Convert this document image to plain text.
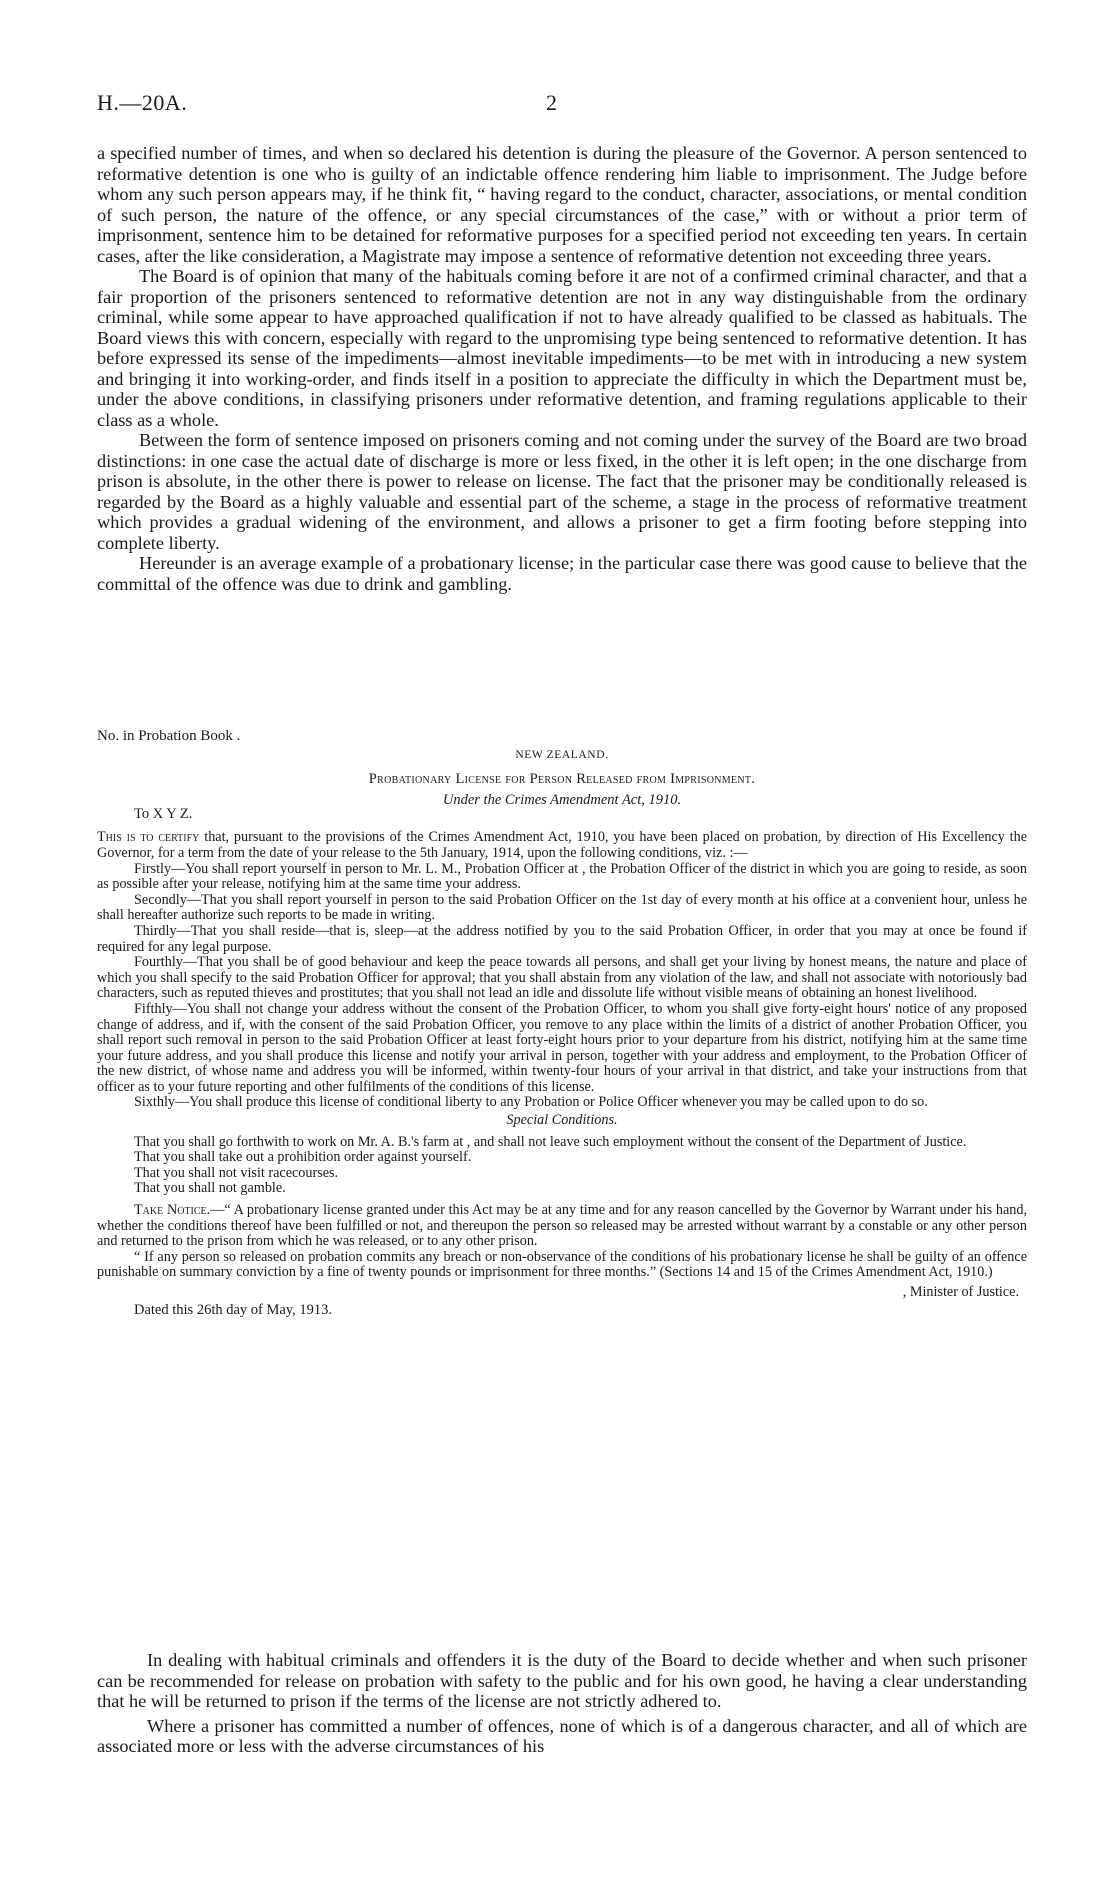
H.—20A.	2

a specified number of times, and when so declared his detention is during the pleasure of the Governor. A person sentenced to reformative detention is one who is guilty of an indictable offence rendering him liable to imprisonment. The Judge before whom any such person appears may, if he think fit, “ having regard to the conduct, character, associations, or mental condition of such person, the nature of the offence, or any special circumstances of the case,” with or without a prior term of imprisonment, sentence him to be detained for reformative purposes for a specified period not exceeding ten years. In certain cases, after the like consideration, a Magistrate may impose a sentence of reformative detention not exceeding three years.

The Board is of opinion that many of the habituals coming before it are not of a confirmed criminal character, and that a fair proportion of the prisoners sentenced to reformative detention are not in any way distinguishable from the ordinary criminal, while some appear to have approached qualification if not to have already qualified to be classed as habituals. The Board views this with concern, especially with regard to the unpromising type being sentenced to reformative detention. It has before expressed its sense of the impediments—almost inevitable impediments—to be met with in introducing a new system and bringing it into working-order, and finds itself in a position to appreciate the difficulty in which the Department must be, under the above conditions, in classifying prisoners under reformative detention, and framing regulations applicable to their class as a whole.

Between the form of sentence imposed on prisoners coming and not coming under the survey of the Board are two broad distinctions: in one case the actual date of discharge is more or less fixed, in the other it is left open; in the one discharge from prison is absolute, in the other there is power to release on license. The fact that the prisoner may be conditionally released is regarded by the Board as a highly valuable and essential part of the scheme, a stage in the process of reformative treatment which provides a gradual widening of the environment, and allows a prisoner to get a firm footing before stepping into complete liberty.

Hereunder is an average example of a probationary license; in the particular case there was good cause to believe that the committal of the offence was due to drink and gambling.

No. in Probation Book .
NEW ZEALAND.
Probationary License for Person Released from Imprisonment.
Under the Crimes Amendment Act, 1910.
To X Y Z.

This is to certify that, pursuant to the provisions of the Crimes Amendment Act, 1910, you have been placed on probation, by direction of His Excellency the Governor, for a term from the date of your release to the 5th January, 1914, upon the following conditions, viz. :—

Firstly—You shall report yourself in person to Mr. L. M., Probation Officer at , the Probation Officer of the district in which you are going to reside, as soon as possible after your release, notifying him at the same time your address.

Secondly—That you shall report yourself in person to the said Probation Officer on the 1st day of every month at his office at a convenient hour, unless he shall hereafter authorize such reports to be made in writing.

Thirdly—That you shall reside—that is, sleep—at the address notified by you to the said Probation Officer, in order that you may at once be found if required for any legal purpose.

Fourthly—That you shall be of good behaviour and keep the peace towards all persons, and shall get your living by honest means, the nature and place of which you shall specify to the said Probation Officer for approval; that you shall abstain from any violation of the law, and shall not associate with notoriously bad characters, such as reputed thieves and prostitutes; that you shall not lead an idle and dissolute life without visible means of obtaining an honest livelihood.

Fifthly—You shall not change your address without the consent of the Probation Officer, to whom you shall give forty-eight hours' notice of any proposed change of address, and if, with the consent of the said Probation Officer, you remove to any place within the limits of a district of another Probation Officer, you shall report such removal in person to the said Probation Officer at least forty-eight hours prior to your departure from his district, notifying him at the same time your future address, and you shall produce this license and notify your arrival in person, together with your address and employment, to the Probation Officer of the new district, of whose name and address you will be informed, within twenty-four hours of your arrival in that district, and take your instructions from that officer as to your future reporting and other fulfilments of the conditions of this license.

Sixthly—You shall produce this license of conditional liberty to any Probation or Police Officer whenever you may be called upon to do so.

Special Conditions.

That you shall go forthwith to work on Mr. A. B.'s farm at , and shall not leave such employment without the consent of the Department of Justice.

That you shall take out a prohibition order against yourself.

That you shall not visit racecourses.

That you shall not gamble.

Take Notice.—“ A probationary license granted under this Act may be at any time and for any reason cancelled by the Governor by Warrant under his hand, whether the conditions thereof have been fulfilled or not, and thereupon the person so released may be arrested without warrant by a constable or any other person and returned to the prison from which he was released, or to any other prison.

“ If any person so released on probation commits any breach or non-observance of the conditions of his probationary license he shall be guilty of an offence punishable on summary conviction by a fine of twenty pounds or imprisonment for three months.” (Sections 14 and 15 of the Crimes Amendment Act, 1910.)

, Minister of Justice.
Dated this 26th day of May, 1913.

In dealing with habitual criminals and offenders it is the duty of the Board to decide whether and when such prisoner can be recommended for release on probation with safety to the public and for his own good, he having a clear understanding that he will be returned to prison if the terms of the license are not strictly adhered to.

Where a prisoner has committed a number of offences, none of which is of a dangerous character, and all of which are associated more or less with the adverse circumstances of his
